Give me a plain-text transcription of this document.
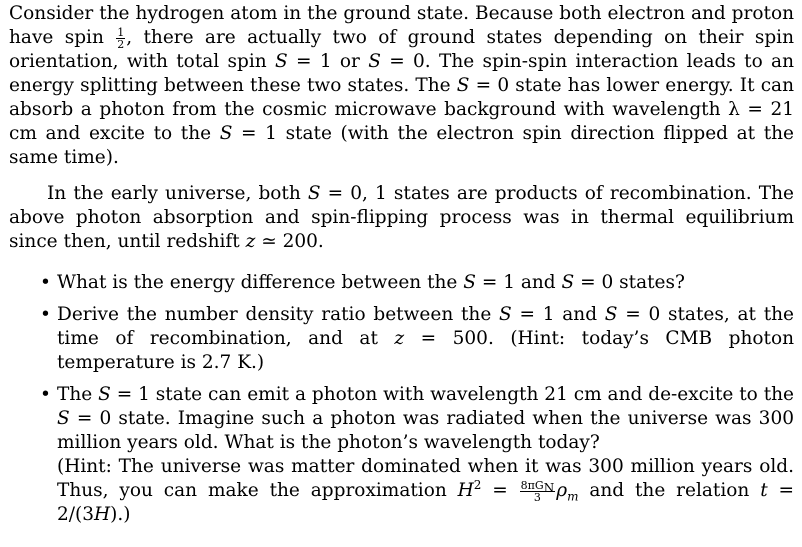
Consider the hydrogen atom in the ground state. Because both electron and proton have spin $\frac{1}{2}$ , there are actually two of ground states depending on their spin orientation, with total spin S = 1 or S = 0. The spin-spin interaction leads to an energy splitting between these two states. The S = 0 state has lower energy. It can absorb a photon from the cosmic microwave background with wavelength λ = 21 cm and excite to the S = 1 state (with the electron spin direction flipped at the same time).

In the early universe, both S = 0, 1 states are products of recombination. The above photon absorption and spin-flipping process was in thermal equilibrium since then, until redshift z ≃ 200.

• What is the energy difference between the S = 1 and S = 0 states?
• Derive the number density ratio between the S = 1 and S = 0 states, at the time of recombination, and at z = 500. (Hint: today’s CMB photon temperature is 2.7 K.)
• The S = 1 state can emit a photon with wavelength 21 cm and de-excite to the S = 0 state. Imagine such a photon was radiated when the universe was 300 million years old. What is the photon’s wavelength today?
(Hint: The universe was matter dominated when it was 300 million years old. Thus, you can make the approximation $H^2 = \frac{8\pi G_N}{3} \rho_m$ and the relation t = 2/(3H).)
